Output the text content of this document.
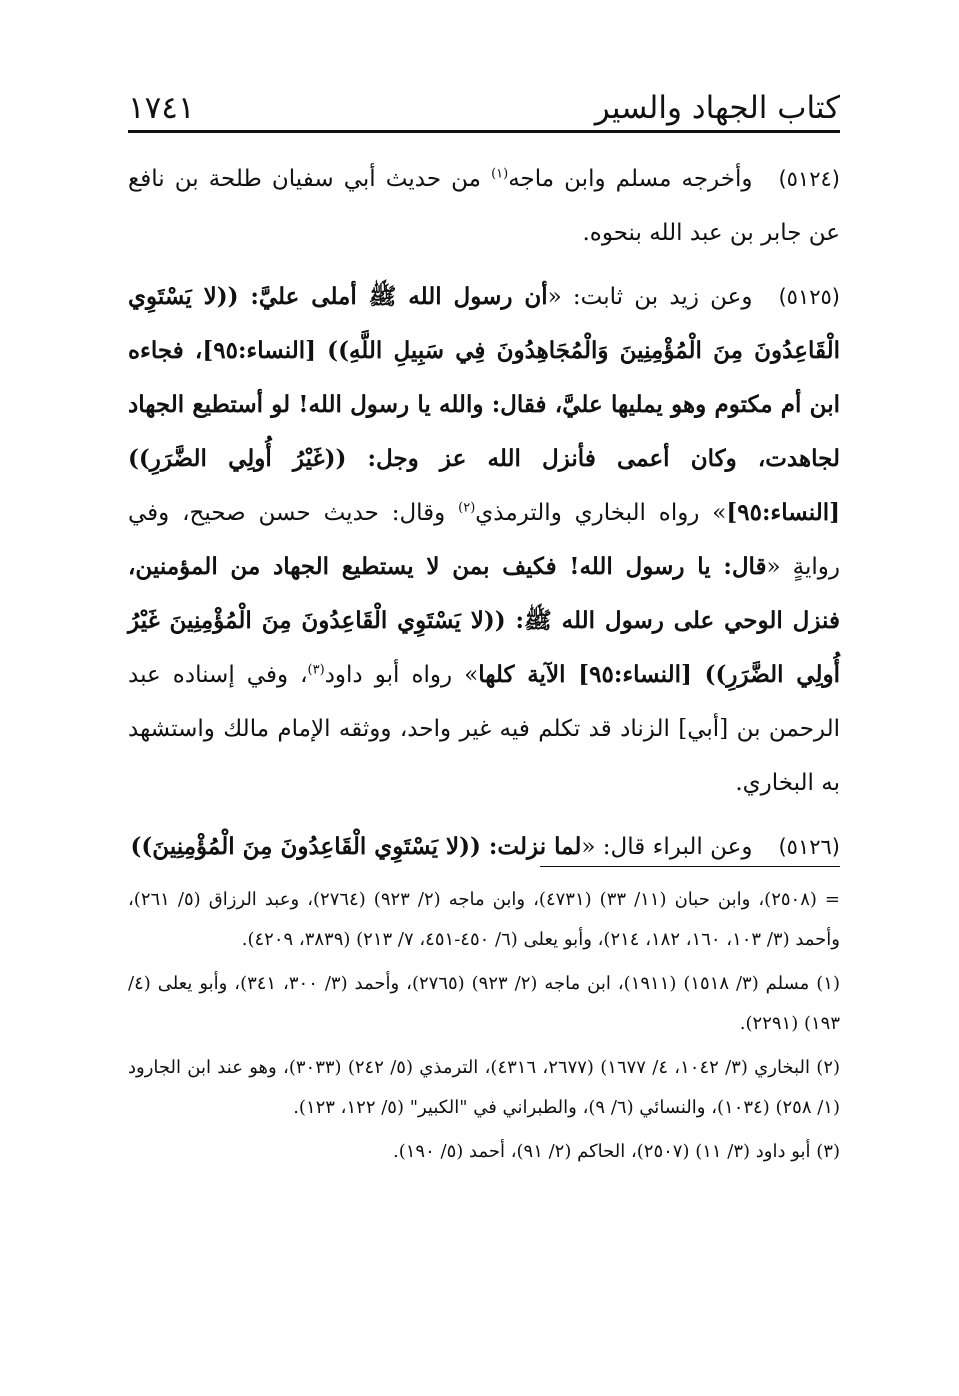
١٧٤١	كتاب الجهاد والسير

(٥١٢٤)وأخرجه مسلم وابن ماجه$^{(١)}$ من حديث أبي سفيان طلحة بن نافع عن جابر بن عبد الله بنحوه.

(٥١٢٥)وعن زيد بن ثابت: «أن رسول الله ﷺ أملى عليَّ: ((لا يَسْتَوِي الْقَاعِدُونَ مِنَ الْمُؤْمِنِينَ وَالْمُجَاهِدُونَ فِي سَبِيلِ اللَّهِ)) [النساء:٩٥]، فجاءه ابن أم مكتوم وهو يمليها عليَّ، فقال: والله يا رسول الله! لو أستطيع الجهاد لجاهدت، وكان أعمى فأنزل الله عز وجل: ((غَيْرُ أُولِي الضَّرَرِ)) [النساء:٩٥]» رواه البخاري والترمذي$^{(٢)}$ وقال: حديث حسن صحيح، وفي روايةٍ «قال: يا رسول الله! فكيف بمن لا يستطيع الجهاد من المؤمنين، فنزل الوحي على رسول الله ﷺ: ((لا يَسْتَوِي الْقَاعِدُونَ مِنَ الْمُؤْمِنِينَ غَيْرُ أُولِي الضَّرَرِ)) [النساء:٩٥] الآية كلها» رواه أبو داود$^{(٣)}$، وفي إسناده عبد الرحمن بن [أبي] الزناد قد تكلم فيه غير واحد، ووثقه الإمام مالك واستشهد به البخاري.

(٥١٢٦)وعن البراء قال: «لما نزلت: ((لا يَسْتَوِي الْقَاعِدُونَ مِنَ الْمُؤْمِنِينَ))

= (٢٥٠٨)، وابن حبان (١١/ ٣٣) (٤٧٣١)، وابن ماجه (٢/ ٩٢٣) (٢٧٦٤)، وعبد الرزاق (٥/ ٢٦١)، وأحمد (٣/ ١٠٣، ١٦٠، ١٨٢، ٢١٤)، وأبو يعلى (٦/ ٤٥٠-٤٥١، ٧/ ٢١٣) (٣٨٣٩، ٤٢٠٩).

(١) مسلم (٣/ ١٥١٨) (١٩١١)، ابن ماجه (٢/ ٩٢٣) (٢٧٦٥)، وأحمد (٣/ ٣٠٠، ٣٤١)، وأبو يعلى (٤/ ١٩٣) (٢٢٩١).

(٢) البخاري (٣/ ١٠٤٢، ٤/ ١٦٧٧) (٢٦٧٧، ٤٣١٦)، الترمذي (٥/ ٢٤٢) (٣٠٣٣)، وهو عند ابن الجارود (١/ ٢٥٨) (١٠٣٤)، والنسائي (٦/ ٩)، والطبراني في "الكبير" (٥/ ١٢٢، ١٢٣).

(٣) أبو داود (٣/ ١١) (٢٥٠٧)، الحاكم (٢/ ٩١)، أحمد (٥/ ١٩٠).
